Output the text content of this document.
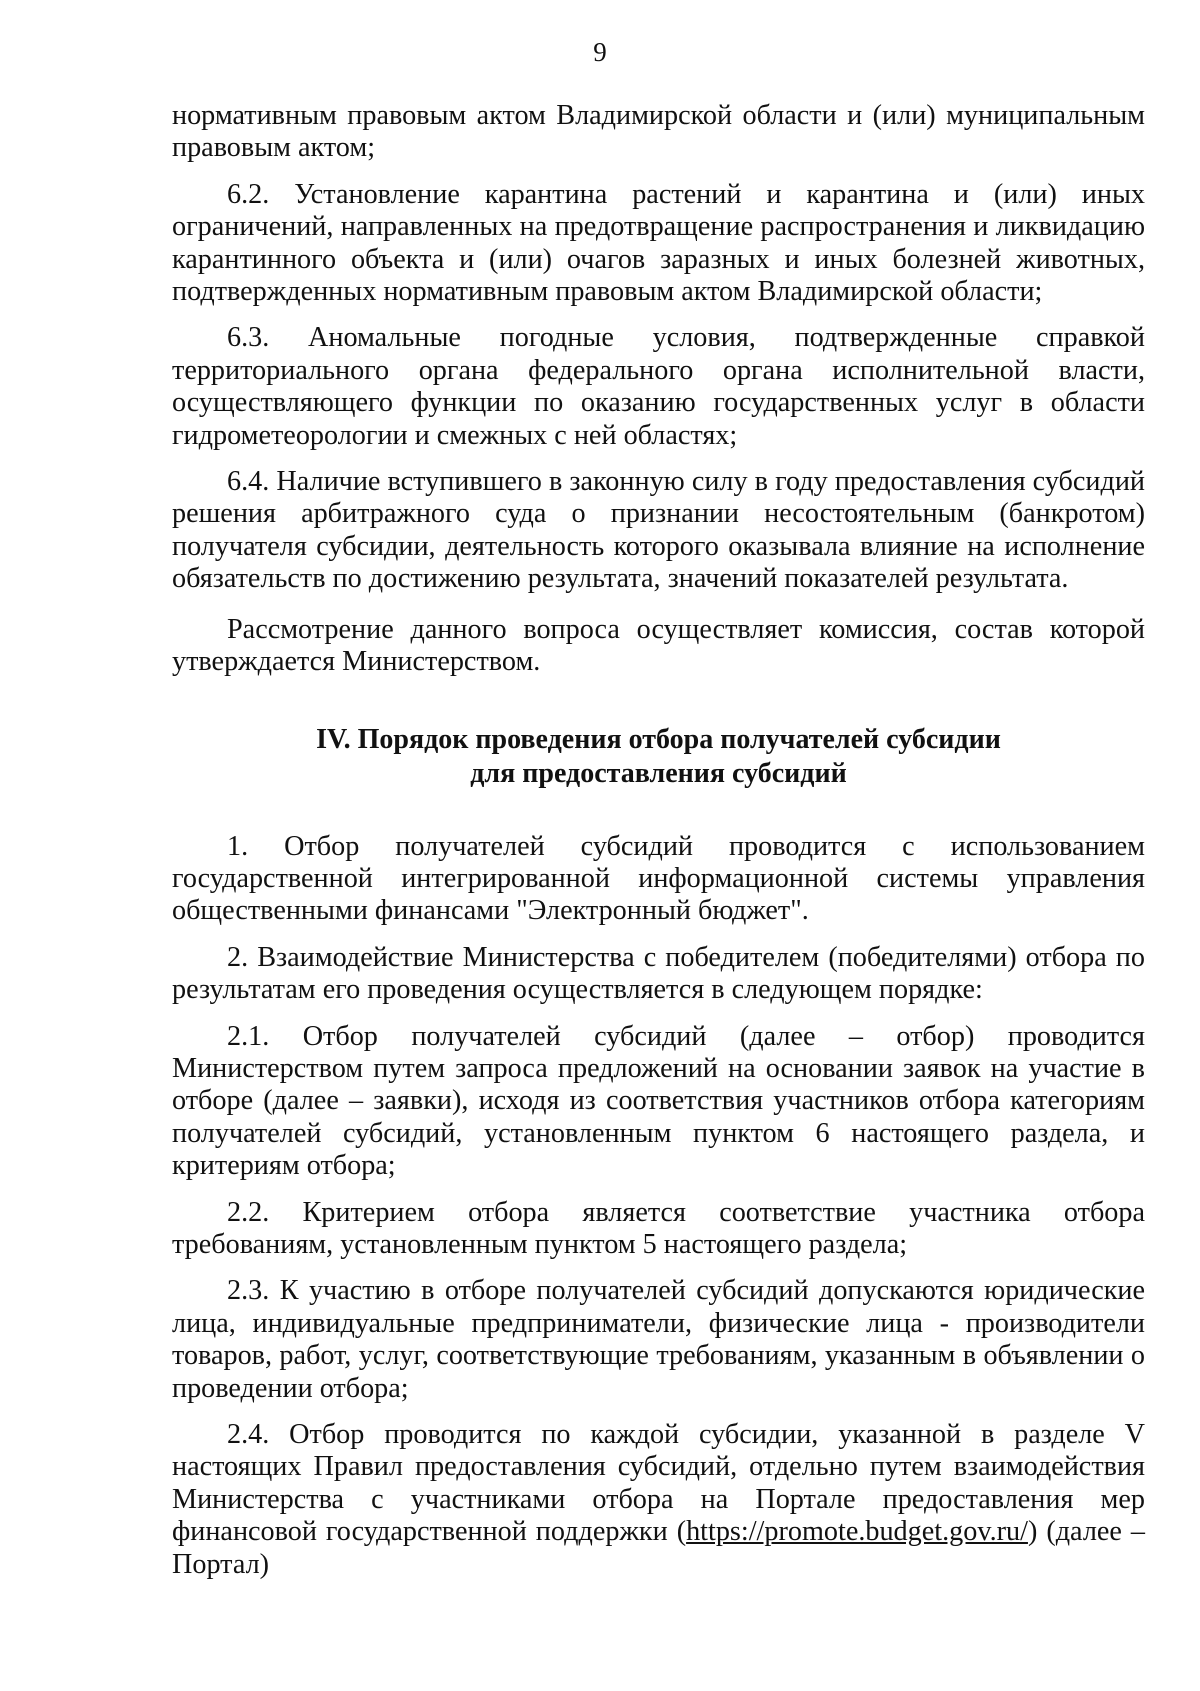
9

нормативным правовым актом Владимирской области и (или) муниципальным правовым актом;

6.2. Установление карантина растений и карантина и (или) иных ограничений, направленных на предотвращение распространения и ликвидацию карантинного объекта и (или) очагов заразных и иных болезней животных, подтвержденных нормативным правовым актом Владимирской области;

6.3. Аномальные погодные условия, подтвержденные справкой территориального органа федерального органа исполнительной власти, осуществляющего функции по оказанию государственных услуг в области гидрометеорологии и смежных с ней областях;

6.4. Наличие вступившего в законную силу в году предоставления субсидий решения арбитражного суда о признании несостоятельным (банкротом) получателя субсидии, деятельность которого оказывала влияние на исполнение обязательств по достижению результата, значений показателей результата.

Рассмотрение данного вопроса осуществляет комиссия, состав которой утверждается Министерством.

IV. Порядок проведения отбора получателей субсидии
для предоставления субсидий

1. Отбор получателей субсидий проводится с использованием государственной интегрированной информационной системы управления общественными финансами "Электронный бюджет".

2. Взаимодействие Министерства с победителем (победителями) отбора по результатам его проведения осуществляется в следующем порядке:

2.1. Отбор получателей субсидий (далее – отбор) проводится Министерством путем запроса предложений на основании заявок на участие в отборе (далее – заявки), исходя из соответствия участников отбора категориям получателей субсидий, установленным пунктом 6 настоящего раздела, и критериям отбора;

2.2. Критерием отбора является соответствие участника отбора требованиям, установленным пунктом 5 настоящего раздела;

2.3. К участию в отборе получателей субсидий допускаются юридические лица, индивидуальные предприниматели, физические лица - производители товаров, работ, услуг, соответствующие требованиям, указанным в объявлении о проведении отбора;

2.4. Отбор проводится по каждой субсидии, указанной в разделе V настоящих Правил предоставления субсидий, отдельно путем взаимодействия Министерства с участниками отбора на Портале предоставления мер финансовой государственной поддержки (https://promote.budget.gov.ru/) (далее – Портал)
